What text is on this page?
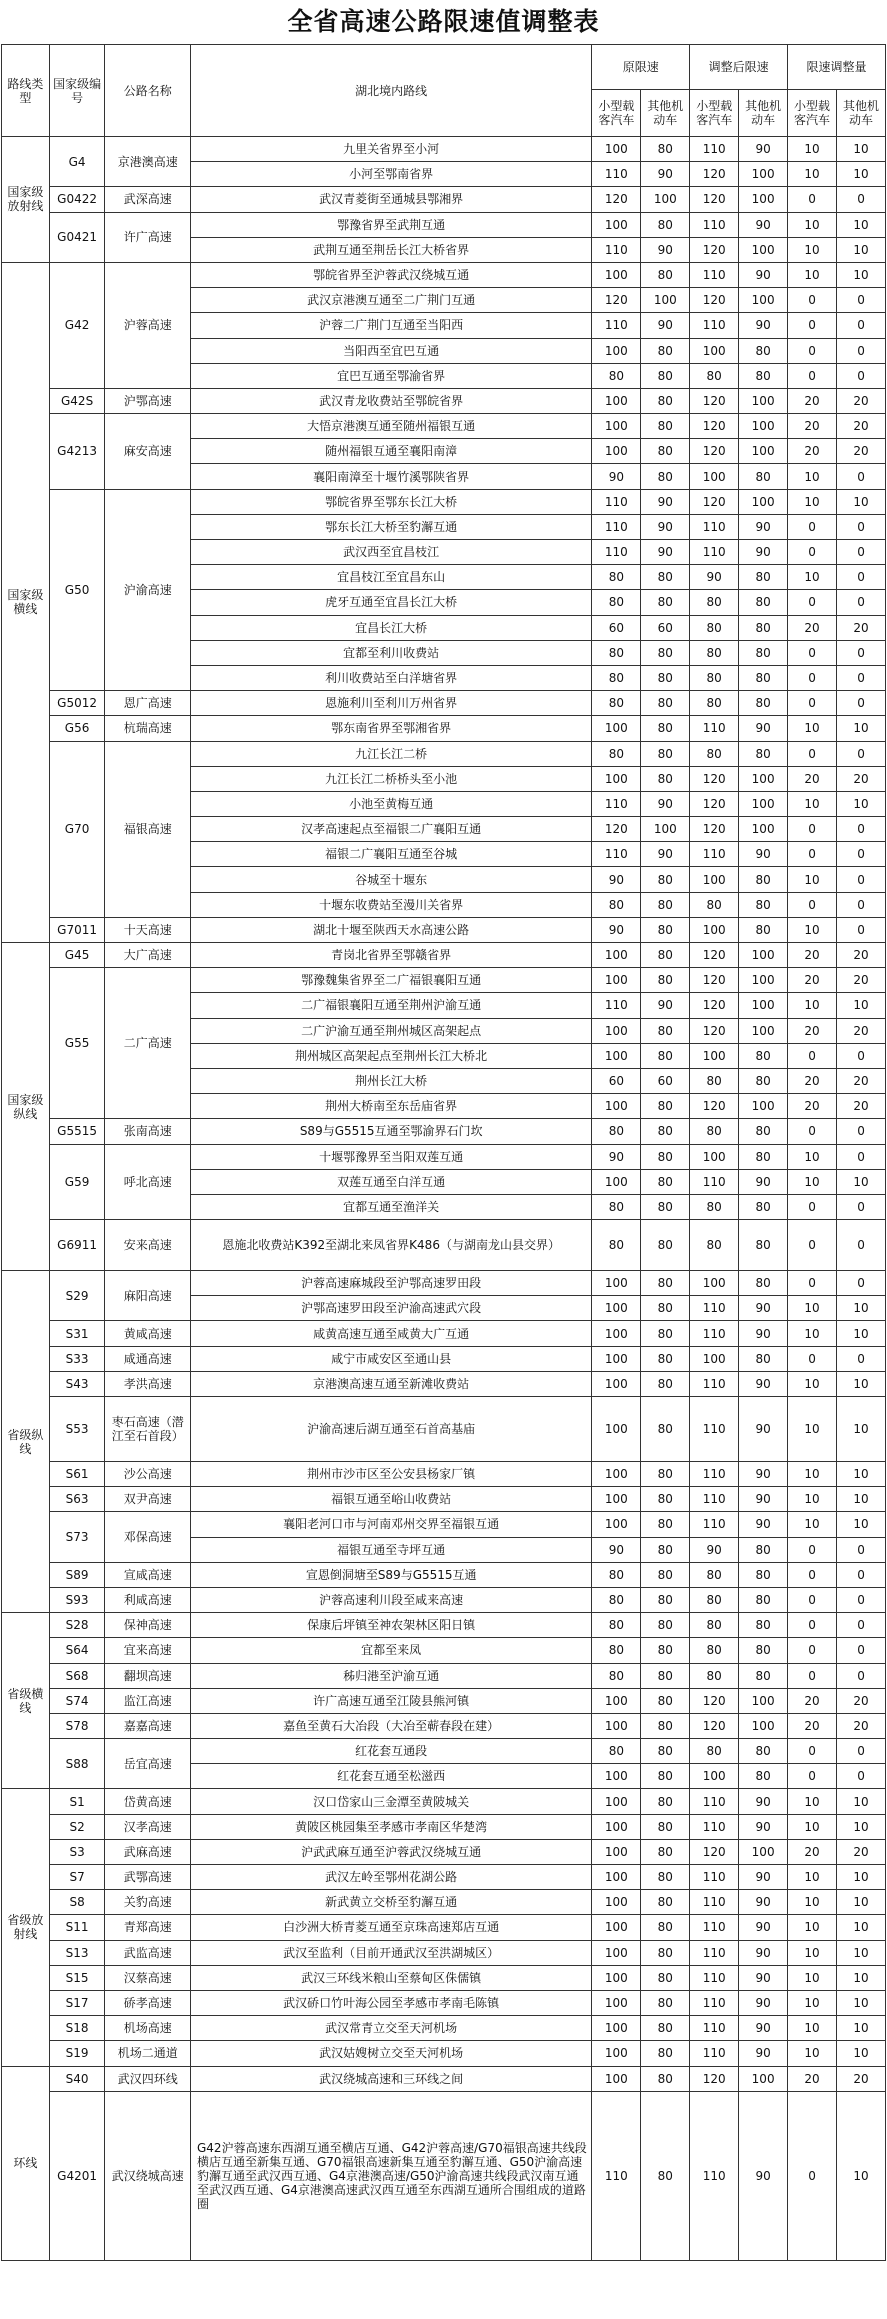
全省高速公路限速值调整表
路线类型	国家级编号	公路名称	湖北境内路线	原限速		调整后限速		限速调整量	
				小型载客汽车	其他机动车	小型载客汽车	其他机动车	小型载客汽车	其他机动车
国家级放射线	G4	京港澳高速	九里关省界至小河	100	80	110	90	10	10
			小河至鄂南省界	110	90	120	100	10	10
	G0422	武深高速	武汉青菱街至通城县鄂湘界	120	100	120	100	0	0
	G0421	许广高速	鄂豫省界至武荆互通	100	80	110	90	10	10
			武荆互通至荆岳长江大桥省界	110	90	120	100	10	10
国家级横线	G42	沪蓉高速	鄂皖省界至沪蓉武汉绕城互通	100	80	110	90	10	10
			武汉京港澳互通至二广荆门互通	120	100	120	100	0	0
			沪蓉二广荆门互通至当阳西	110	90	110	90	0	0
			当阳西至宜巴互通	100	80	100	80	0	0
			宜巴互通至鄂渝省界	80	80	80	80	0	0
	G42S	沪鄂高速	武汉青龙收费站至鄂皖省界	100	80	120	100	20	20
	G4213	麻安高速	大悟京港澳互通至随州福银互通	100	80	120	100	20	20
			随州福银互通至襄阳南漳	100	80	120	100	20	20
			襄阳南漳至十堰竹溪鄂陕省界	90	80	100	80	10	0
	G50	沪渝高速	鄂皖省界至鄂东长江大桥	110	90	120	100	10	10
			鄂东长江大桥至豹澥互通	110	90	110	90	0	0
			武汉西至宜昌枝江	110	90	110	90	0	0
			宜昌枝江至宜昌东山	80	80	90	80	10	0
			虎牙互通至宜昌长江大桥	80	80	80	80	0	0
			宜昌长江大桥	60	60	80	80	20	20
			宜都至利川收费站	80	80	80	80	0	0
			利川收费站至白洋塘省界	80	80	80	80	0	0
	G5012	恩广高速	恩施利川至利川万州省界	80	80	80	80	0	0
	G56	杭瑞高速	鄂东南省界至鄂湘省界	100	80	110	90	10	10
	G70	福银高速	九江长江二桥	80	80	80	80	0	0
			九江长江二桥桥头至小池	100	80	120	100	20	20
			小池至黄梅互通	110	90	120	100	10	10
			汉孝高速起点至福银二广襄阳互通	120	100	120	100	0	0
			福银二广襄阳互通至谷城	110	90	110	90	0	0
			谷城至十堰东	90	80	100	80	10	0
			十堰东收费站至漫川关省界	80	80	80	80	0	0
	G7011	十天高速	湖北十堰至陕西天水高速公路	90	80	100	80	10	0
国家级纵线	G45	大广高速	青岗北省界至鄂赣省界	100	80	120	100	20	20
	G55	二广高速	鄂豫魏集省界至二广福银襄阳互通	100	80	120	100	20	20
			二广福银襄阳互通至荆州沪渝互通	110	90	120	100	10	10
			二广沪渝互通至荆州城区高架起点	100	80	120	100	20	20
			荆州城区高架起点至荆州长江大桥北	100	80	100	80	0	0
			荆州长江大桥	60	60	80	80	20	20
			荆州大桥南至东岳庙省界	100	80	120	100	20	20
	G5515	张南高速	S89与G5515互通至鄂渝界石门坎	80	80	80	80	0	0
	G59	呼北高速	十堰鄂豫界至当阳双莲互通	90	80	100	80	10	0
			双莲互通至白洋互通	100	80	110	90	10	10
			宜都互通至渔洋关	80	80	80	80	0	0
	G6911	安来高速	恩施北收费站K392至湖北来凤省界K486（与湖南龙山县交界）	80	80	80	80	0	0
省级纵线	S29	麻阳高速	沪蓉高速麻城段至沪鄂高速罗田段	100	80	100	80	0	0
			沪鄂高速罗田段至沪渝高速武穴段	100	80	110	90	10	10
	S31	黄咸高速	咸黄高速互通至咸黄大广互通	100	80	110	90	10	10
	S33	咸通高速	咸宁市咸安区至通山县	100	80	100	80	0	0
	S43	孝洪高速	京港澳高速互通至新滩收费站	100	80	110	90	10	10
	S53	枣石高速（潜江至石首段）	沪渝高速后湖互通至石首高基庙	100	80	110	90	10	10
	S61	沙公高速	荆州市沙市区至公安县杨家厂镇	100	80	110	90	10	10
	S63	双尹高速	福银互通至峪山收费站	100	80	110	90	10	10
	S73	邓保高速	襄阳老河口市与河南邓州交界至福银互通	100	80	110	90	10	10
			福银互通至寺坪互通	90	80	90	80	0	0
	S89	宣咸高速	宣恩倒洞塘至S89与G5515互通	80	80	80	80	0	0
	S93	利咸高速	沪蓉高速利川段至咸来高速	80	80	80	80	0	0
省级横线	S28	保神高速	保康后坪镇至神农架林区阳日镇	80	80	80	80	0	0
	S64	宜来高速	宜都至来凤	80	80	80	80	0	0
	S68	翻坝高速	秭归港至沪渝互通	80	80	80	80	0	0
	S74	监江高速	许广高速互通至江陵县熊河镇	100	80	120	100	20	20
	S78	嘉嘉高速	嘉鱼至黄石大冶段（大冶至蕲春段在建）	100	80	120	100	20	20
	S88	岳宜高速	红花套互通段	80	80	80	80	0	0
			红花套互通至松滋西	100	80	100	80	0	0
省级放射线	S1	岱黄高速	汉口岱家山三金潭至黄陂城关	100	80	110	90	10	10
	S2	汉孝高速	黄陂区桃园集至孝感市孝南区华楚湾	100	80	110	90	10	10
	S3	武麻高速	沪武武麻互通至沪蓉武汉绕城互通	100	80	120	100	20	20
	S7	武鄂高速	武汉左岭至鄂州花湖公路	100	80	110	90	10	10
	S8	关豹高速	新武黄立交桥至豹澥互通	100	80	110	90	10	10
	S11	青郑高速	白沙洲大桥青菱互通至京珠高速郑店互通	100	80	110	90	10	10
	S13	武监高速	武汉至监利（目前开通武汉至洪湖城区）	100	80	110	90	10	10
	S15	汉蔡高速	武汉三环线米粮山至蔡甸区侏儒镇	100	80	110	90	10	10
	S17	硚孝高速	武汉硚口竹叶海公园至孝感市孝南毛陈镇	100	80	110	90	10	10
	S18	机场高速	武汉常青立交至天河机场	100	80	110	90	10	10
	S19	机场二通道	武汉姑嫂树立交至天河机场	100	80	110	90	10	10
环线	S40	武汉四环线	武汉绕城高速和三环线之间	100	80	120	100	20	20
	G4201	武汉绕城高速	G42沪蓉高速东西湖互通至横店互通、G42沪蓉高速/G70福银高速共线段横店互通至新集互通、G70福银高速新集互通至豹澥互通、G50沪渝高速豹澥互通至武汉西互通、G4京港澳高速/G50沪渝高速共线段武汉南互通至武汉西互通、G4京港澳高速武汉西互通至东西湖互通所合围组成的道路圈	110	80	110	90	0	10
